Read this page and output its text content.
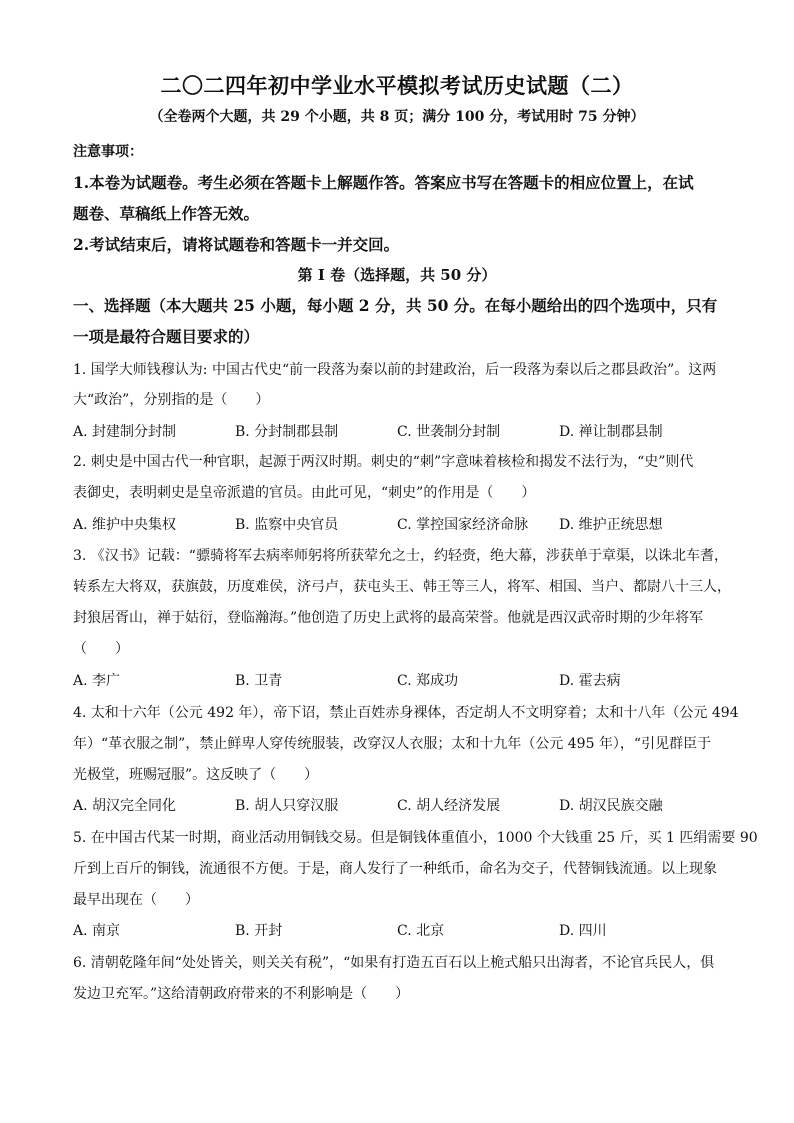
二〇二四年初中学业水平模拟考试历史试题（二）
（全卷两个大题，共 29 个小题，共 8 页；满分 100 分，考试用时 75 分钟）
注意事项：
1.本卷为试题卷。考生必须在答题卡上解题作答。答案应书写在答题卡的相应位置上，在试
题卷、草稿纸上作答无效。
2.考试结束后，请将试题卷和答题卡一并交回。
第 I 卷（选择题，共 50 分）
一、选择题（本大题共 25 小题，每小题 2 分，共 50 分。在每小题给出的四个选项中，只有
一项是最符合题目要求的）
1. 国学大师钱穆认为: 中国古代史“前一段落为秦以前的封建政治，后一段落为秦以后之郡县政治”。这两
大“政治”，分别指的是（　　）
A. 封建制分封制	B. 分封制郡县制	C. 世袭制分封制	D. 禅让制郡县制
2. 刺史是中国古代一种官职，起源于两汉时期。刺史的“刺”字意味着核检和揭发不法行为，“史”则代
表御史，表明刺史是皇帝派遣的官员。由此可见，“刺史”的作用是（　　）
A. 维护中央集权	B. 监察中央官员	C. 掌控国家经济命脉 D. 维护正统思想
3. 《汉书》记载：“骠骑将军去病率师躬将所获荤允之士，约轻赍，绝大幕，涉获单于章渠，以诛北车耆，
转系左大将双，获旗鼓，历度难侯，济弓卢，获屯头王、韩王等三人，将军、相国、当户、都尉八十三人，
封狼居胥山，禅于姑衍，登临瀚海。”他创造了历史上武将的最高荣誉。他就是西汉武帝时期的少年将军
（　　）
A. 李广	B. 卫青	C. 郑成功	D. 霍去病
4. 太和十六年（公元 492 年），帝下诏，禁止百姓赤身裸体，否定胡人不文明穿着；太和十八年（公元 494
年）“革衣服之制”，禁止鲜卑人穿传统服装，改穿汉人衣服；太和十九年（公元 495 年），“引见群臣于
光极堂，班赐冠服”。这反映了（　　）
A. 胡汉完全同化	B. 胡人只穿汉服	C. 胡人经济发展	D. 胡汉民族交融
5. 在中国古代某一时期，商业活动用铜钱交易。但是铜钱体重值小，1000 个大钱重 25 斤，买 1 匹绢需要 90
斤到上百斤的铜钱，流通很不方便。于是，商人发行了一种纸币，命名为交子，代替铜钱流通。以上现象
最早出现在（　　）
A. 南京	B. 开封	C. 北京	D. 四川
6. 清朝乾隆年间“处处皆关，则关关有税”，“如果有打造五百石以上桅式船只出海者，不论官兵民人，俱
发边卫充军。”这给清朝政府带来的不利影响是（　　）
